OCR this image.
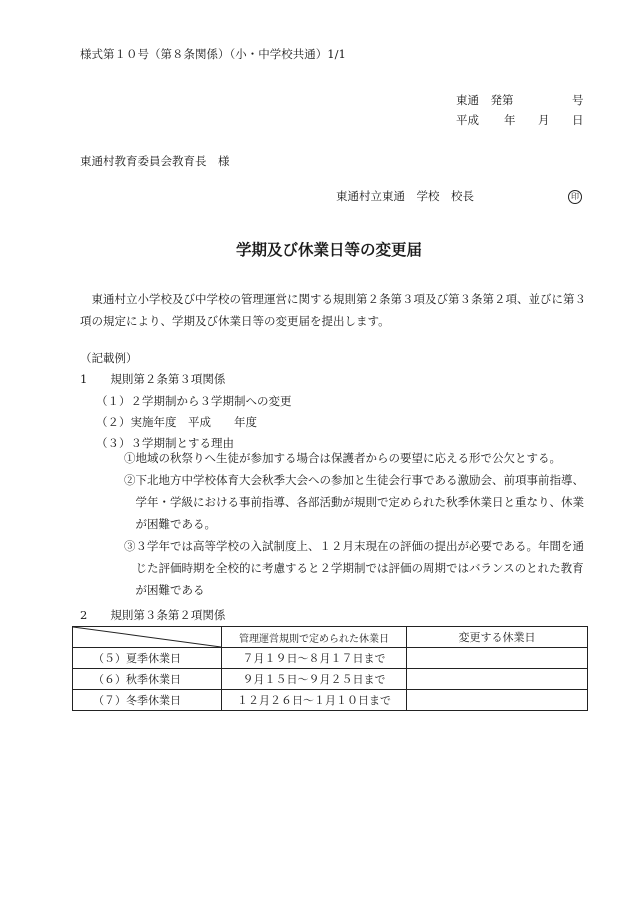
様式第１０号（第８条関係）（小・中学校共通）1/1
東通　発第	号
平成 年 月 日
東通村教育委員会教育長　様
東通村立東通　学校　校長	印
学期及び休業日等の変更届

東通村立小学校及び中学校の管理運営に関する規則第２条第３項及び第３条第２項、並びに第３項の規定により、学期及び休業日等の変更届を提出します。

（記載例）
1　　規則第２条第３項関係
（１）２学期制から３学期制への変更
（２）実施年度　平成　　年度
（３）３学期制とする理由

①地域の秋祭りへ生徒が参加する場合は保護者からの要望に応える形で公欠とする。

②下北地方中学校体育大会秋季大会への参加と生徒会行事である激励会、前項事前指導、学年・学級における事前指導、各部活動が規則で定められた秋季休業日と重なり、休業が困難である。

③３学年では高等学校の入試制度上、１２月末現在の評価の提出が必要である。年間を通じた評価時期を全校的に考慮すると２学期制では評価の周期ではバランスのとれた教育が困難である

2　　規則第３条第２項関係
	管理運営規則で定められた休業日	変更する休業日
（５）夏季休業日	７月１９日〜８月１７日まで	
（６）秋季休業日	９月１５日〜９月２５日まで	
（７）冬季休業日	１２月２６日〜１月１０日まで	
